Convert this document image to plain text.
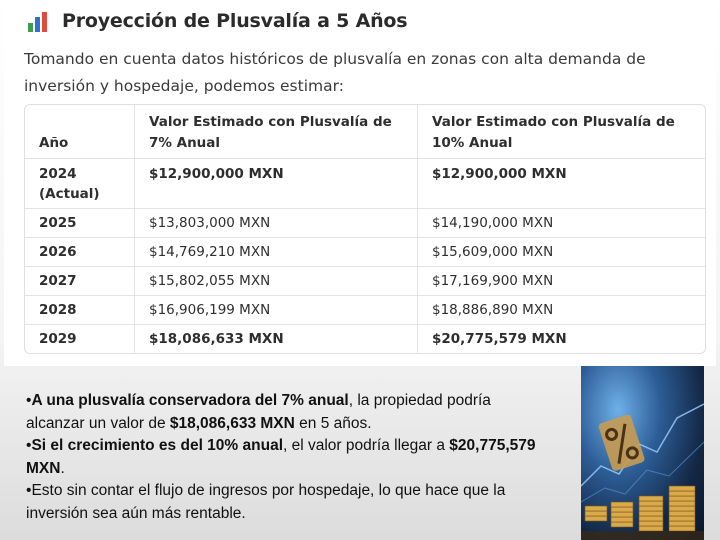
Proyección de Plusvalía a 5 Años
Tomando en cuenta datos históricos de plusvalía en zonas con alta demanda de inversión y hospedaje, podemos estimar:
Año	Valor Estimado con Plusvalía de 7% Anual	Valor Estimado con Plusvalía de 10% Anual
2024 (Actual)	$12,900,000 MXN	$12,900,000 MXN
2025	$13,803,000 MXN	$14,190,000 MXN
2026	$14,769,210 MXN	$15,609,000 MXN
2027	$15,802,055 MXN	$17,169,900 MXN
2028	$16,906,199 MXN	$18,886,890 MXN
2029	$18,086,633 MXN	$20,775,579 MXN

•A una plusvalía conservadora del 7% anual, la propiedad podría alcanzar un valor de $18,086,633 MXN en 5 años.

•Si el crecimiento es del 10% anual, el valor podría llegar a $20,775,579 MXN.

•Esto sin contar el flujo de ingresos por hospedaje, lo que hace que la inversión sea aún más rentable.
